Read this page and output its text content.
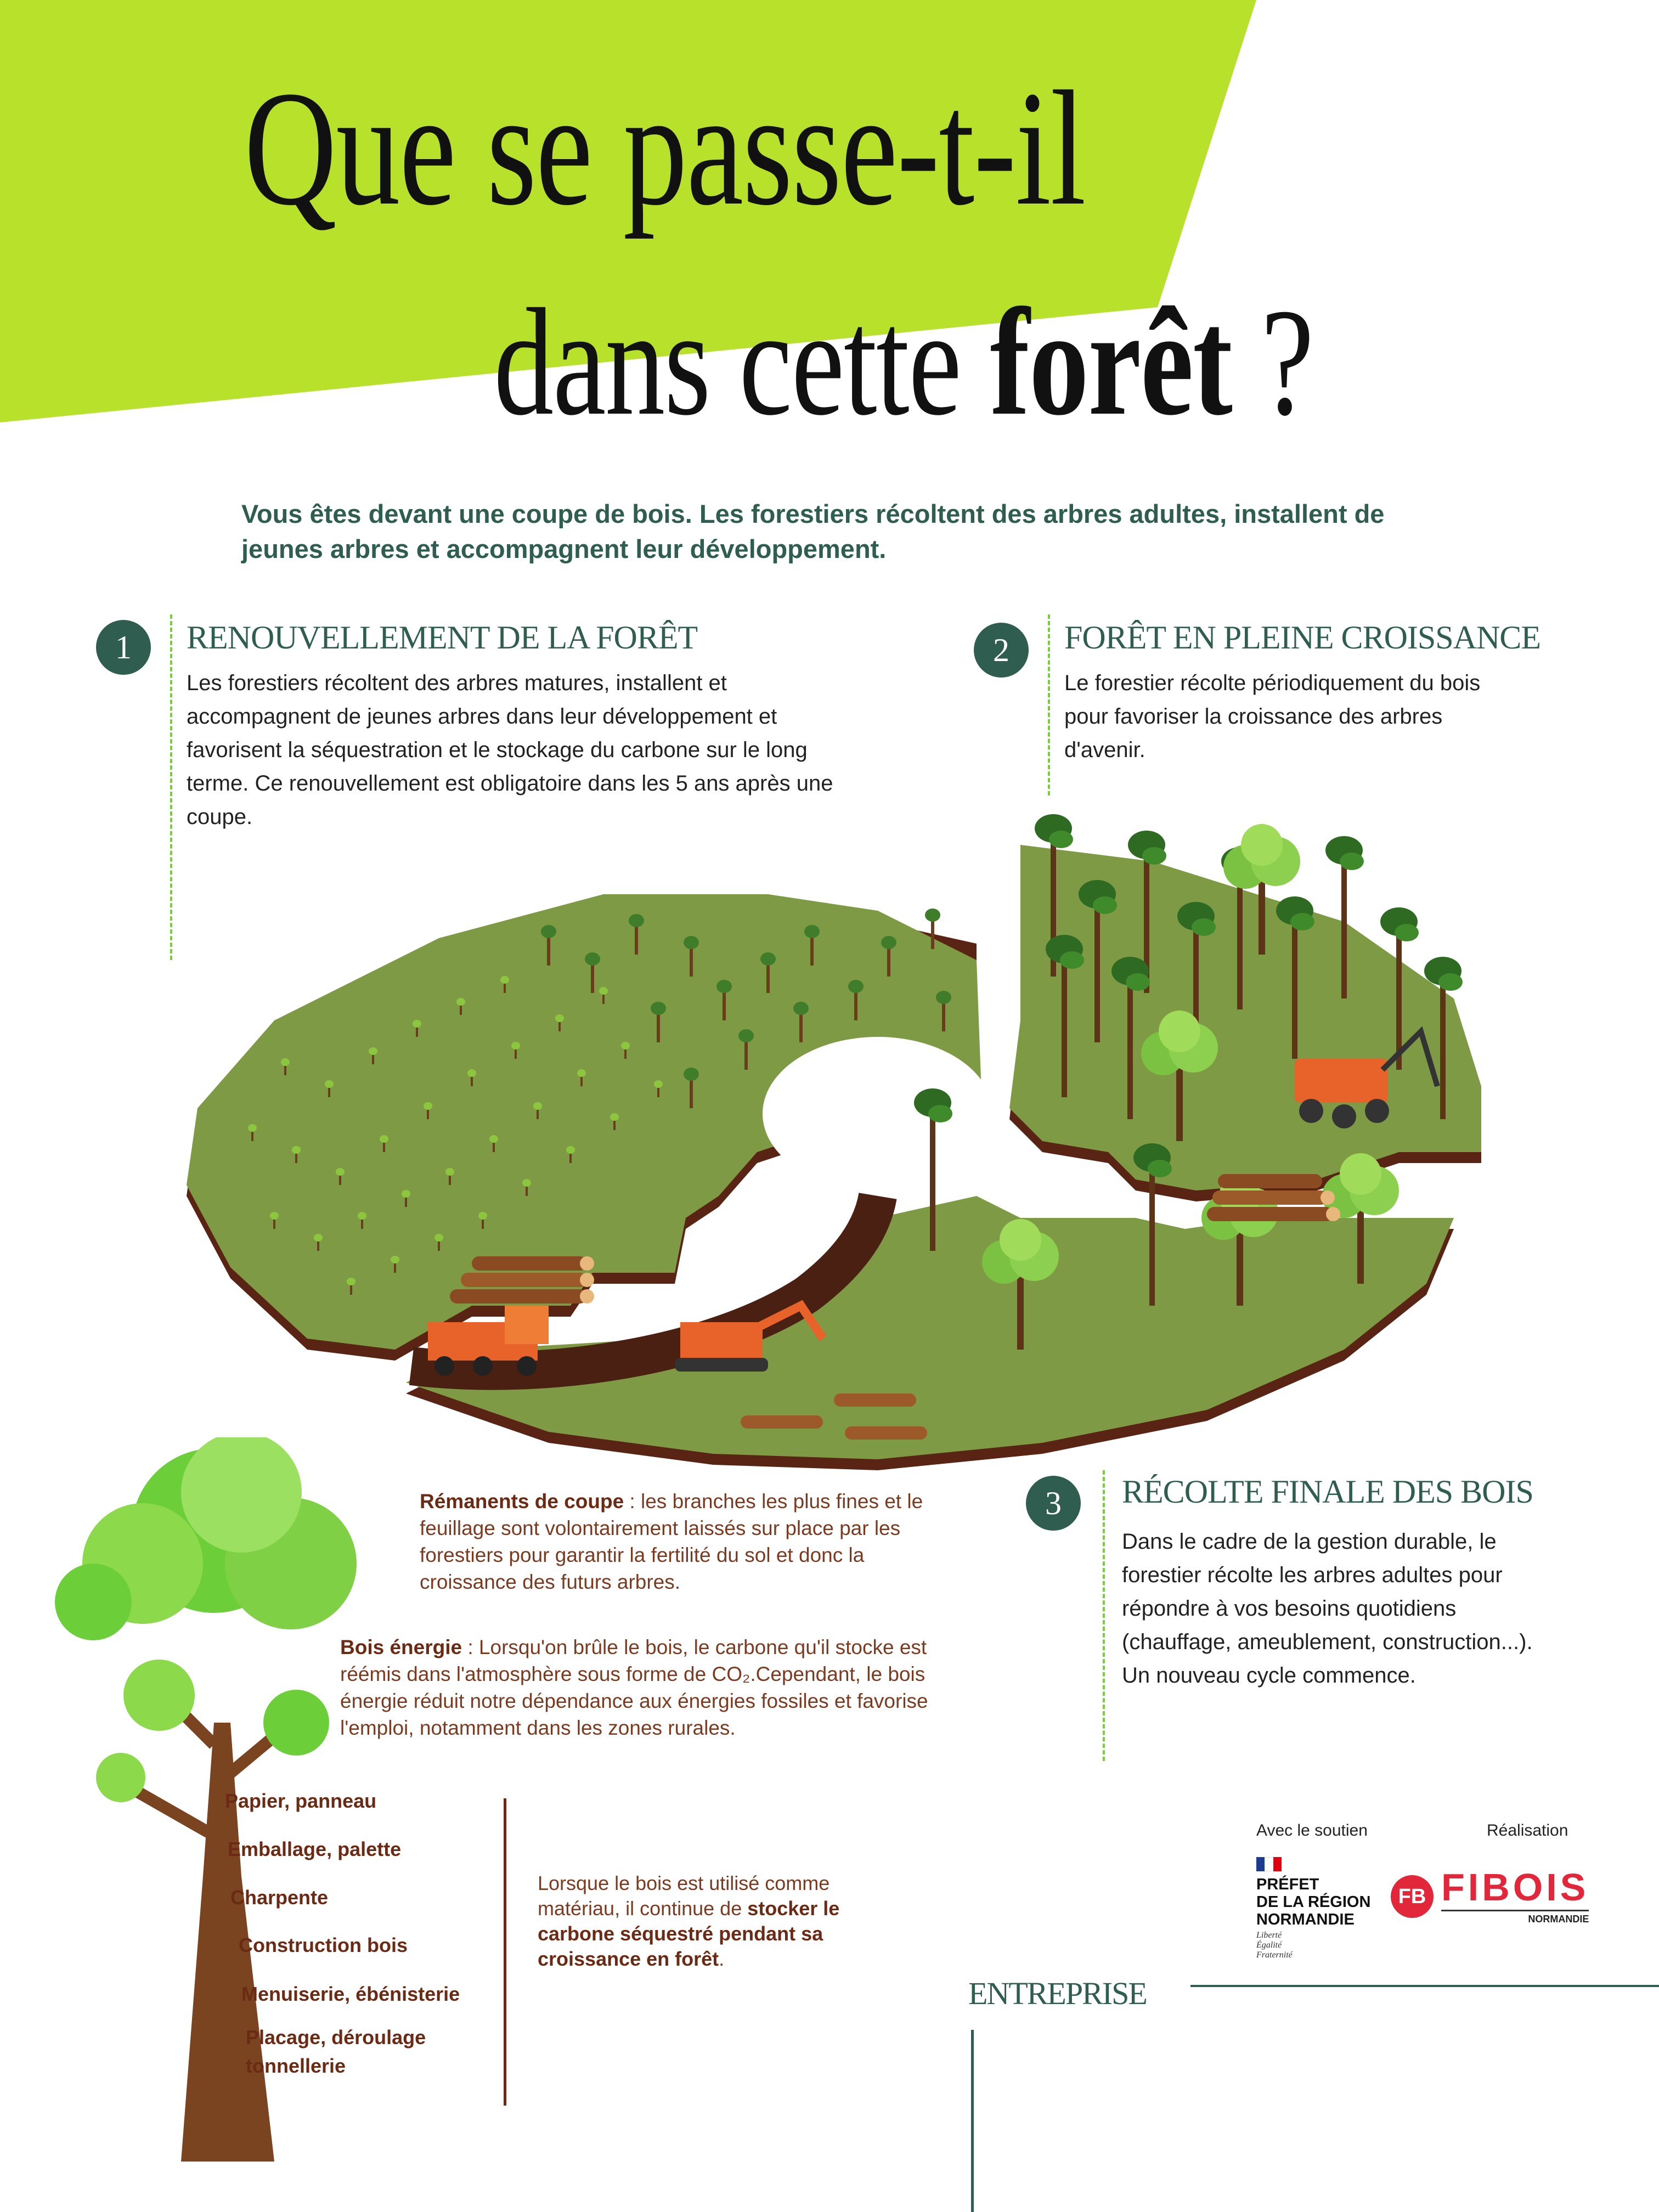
Que se passe-t-il
dans cette forêt ?
Vous êtes devant une coupe de bois. Les forestiers récoltent des arbres adultes, installent de jeunes arbres et accompagnent leur développement.
1	RENOUVELLEMENT DE LA FORÊT
Les forestiers récoltent des arbres matures, installent et accompagnent de jeunes arbres dans leur développement et favorisent la séquestration et le stockage du carbone sur le long terme. Ce renouvellement est obligatoire dans les 5 ans après une coupe.
2	FORÊT EN PLEINE CROISSANCE
Le forestier récolte périodiquement du bois pour favoriser la croissance des arbres d'avenir.
Rémanents de coupe : les branches les plus fines et le feuillage sont volontairement laissés sur place par les forestiers pour garantir la fertilité du sol et donc la croissance des futurs arbres.
Bois énergie : Lorsqu'on brûle le bois, le carbone qu'il stocke est réémis dans l'atmosphère sous forme de CO₂.Cependant, le bois énergie réduit notre dépendance aux énergies fossiles et favorise l'emploi, notamment dans les zones rurales.
3	RÉCOLTE FINALE DES BOIS
Dans le cadre de la gestion durable, le forestier récolte les arbres adultes pour répondre à vos besoins quotidiens (chauffage, ameublement, construction...). Un nouveau cycle commence.
Papier, panneau
Emballage, palette
Charpente
Construction bois
Menuiserie, ébénisterie
Placage, déroulage
tonnellerie
Lorsque le bois est utilisé comme matériau, il continue de stocker le carbone séquestré pendant sa croissance en forêt.
ENTREPRISE
Avec le soutien
PRÉFET
DE LA RÉGION
NORMANDIE
Liberté
Égalité
Fraternité
Réalisation
FB FIBOIS
NORMANDIE
